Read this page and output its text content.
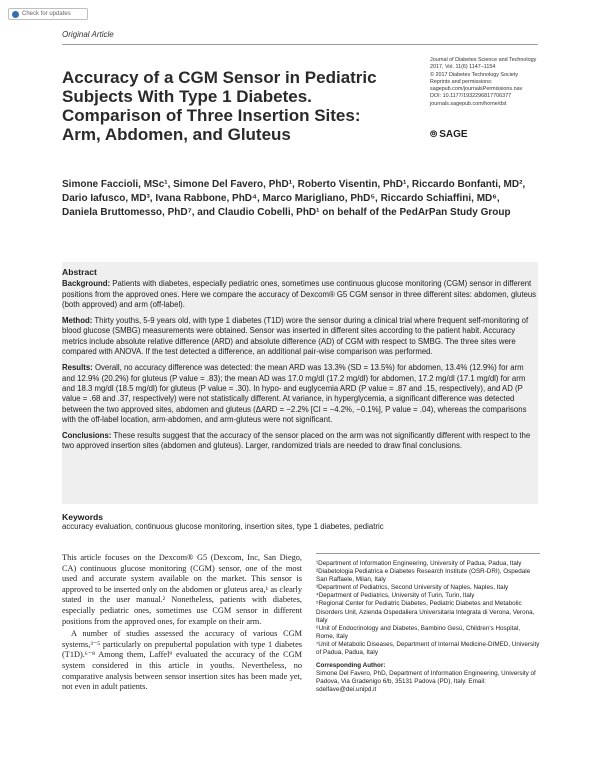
Check for updates
Original Article
Accuracy of a CGM Sensor in Pediatric Subjects With Type 1 Diabetes. Comparison of Three Insertion Sites: Arm, Abdomen, and Gluteus
Journal of Diabetes Science and Technology
2017, Vol. 11(6) 1147–1154
© 2017 Diabetes Technology Society
Reprints and permissions:
sagepub.com/journalsPermissions.nav
DOI: 10.1177/1932296817706377
journals.sagepub.com/home/dst
⦾ SAGE
Simone Faccioli, MSc¹, Simone Del Favero, PhD¹, Roberto Visentin, PhD¹, Riccardo Bonfanti, MD², Dario Iafusco, MD³, Ivana Rabbone, PhD⁴, Marco Marigliano, PhD⁵, Riccardo Schiaffini, MD⁶, Daniela Bruttomesso, PhD⁷, and Claudio Cobelli, PhD¹ on behalf of the PedArPan Study Group
Abstract

Background: Patients with diabetes, especially pediatric ones, sometimes use continuous glucose monitoring (CGM) sensor in different positions from the approved ones. Here we compare the accuracy of Dexcom® G5 CGM sensor in three different sites: abdomen, gluteus (both approved) and arm (off-label).

Method: Thirty youths, 5-9 years old, with type 1 diabetes (T1D) wore the sensor during a clinical trial where frequent self-monitoring of blood glucose (SMBG) measurements were obtained. Sensor was inserted in different sites according to the patient habit. Accuracy metrics include absolute relative difference (ARD) and absolute difference (AD) of CGM with respect to SMBG. The three sites were compared with ANOVA. If the test detected a difference, an additional pair-wise comparison was performed.

Results: Overall, no accuracy difference was detected: the mean ARD was 13.3% (SD = 13.5%) for abdomen, 13.4% (12.9%) for arm and 12.9% (20.2%) for gluteus (P value = .83); the mean AD was 17.0 mg/dl (17.2 mg/dl) for abdomen, 17.2 mg/dl (17.1 mg/dl) for arm and 18.3 mg/dl (18.5 mg/dl) for gluteus (P value = .30). In hypo- and euglycemia ARD (P value = .87 and .15, respectively), and AD (P value = .68 and .37, respectively) were not statistically different. At variance, in hyperglycemia, a significant difference was detected between the two approved sites, abdomen and gluteus (ΔARD = −2.2% [CI = −4.2%, −0.1%], P value = .04), whereas the comparisons with the off-label location, arm-abdomen, and arm-gluteus were not significant.

Conclusions: These results suggest that the accuracy of the sensor placed on the arm was not significantly different with respect to the two approved insertion sites (abdomen and gluteus). Larger, randomized trials are needed to draw final conclusions.

Keywords
accuracy evaluation, continuous glucose monitoring, insertion sites, type 1 diabetes, pediatric

This article focuses on the Dexcom® G5 (Dexcom, Inc, San Diego, CA) continuous glucose monitoring (CGM) sensor, one of the most used and accurate system available on the market. This sensor is approved to be inserted only on the abdomen or gluteus area,¹ as clearly stated in the user manual.² Nonetheless, patients with diabetes, especially pediatric ones, sometimes use CGM sensor in different positions from the approved ones, for example on their arm.

A number of studies assessed the accuracy of various CGM systems,³⁻⁵ particularly on prepubertal population with type 1 diabetes (T1D).⁶⁻⁸ Among them, Laffel⁹ evaluated the accuracy of the CGM system considered in this article in youths. Nevertheless, no comparative analysis between sensor insertion sites has been made yet, not even in adult patients.

¹Department of Information Engineering, University of Padua, Padua, Italy

²Diabetologia Pediatrica e Diabetes Research Institute (OSR-DRI), Ospedale San Raffaele, Milan, Italy

³Department of Pediatrics, Second University of Naples, Naples, Italy

⁴Department of Pediatrics, University of Turin, Turin, Italy

⁵Regional Center for Pediatric Diabetes, Pediatric Diabetes and Metabolic Disorders Unit, Azienda Ospedaliera Universitaria Integrata di Verona, Verona, Italy

⁶Unit of Endocrinology and Diabetes, Bambino Gesù, Children's Hospital, Rome, Italy

⁷Unit of Metabolic Diseases, Department of Internal Medicine-DIMED, University of Padua, Padua, Italy

Corresponding Author:
Simone Del Favero, PhD, Department of Information Engineering, University of Padova, Via Gradenigo 6/b, 35131 Padova (PD), Italy. Email: sdelfave@dei.unipd.it
